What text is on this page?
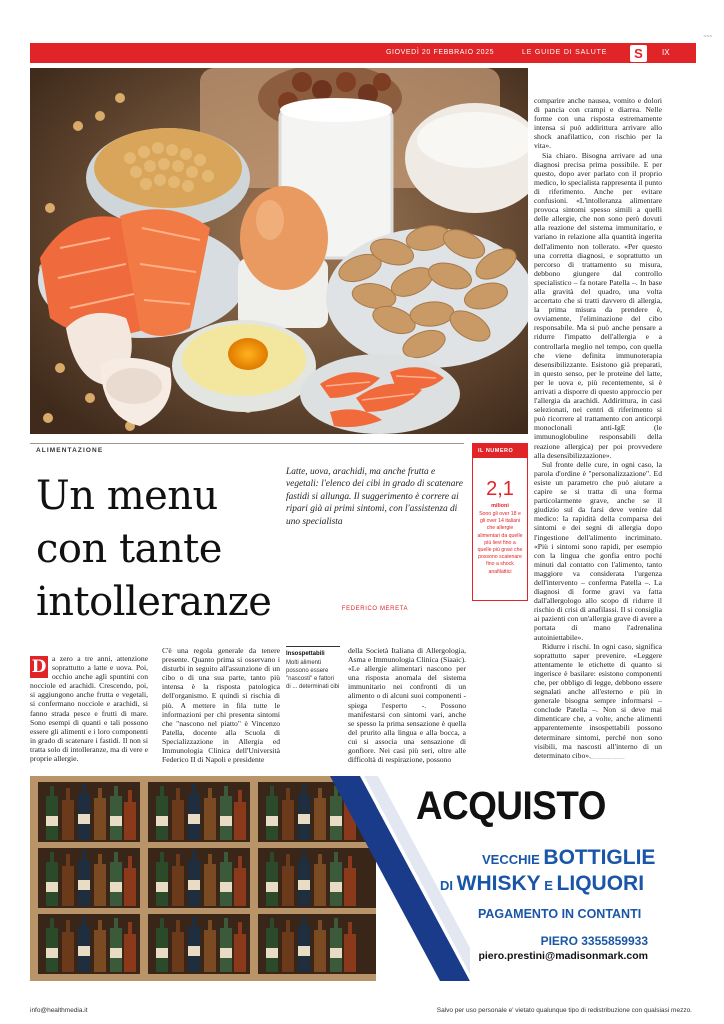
~~~
GIOVEDÌ 20 FEBBRAIO 2025	LE GUIDE DI SALUTE	S	IX
ALIMENTAZIONE
Un menu
con tante
intolleranze
Latte, uova, arachidi, ma anche frutta e vegetali: l'elenco dei cibi in grado di scatenare fastidi si allunga. Il suggerimento è correre ai ripari già ai primi sintomi, con l'assistenza di uno specialista
FEDERICO MERETA
IL NUMERO
2,1
milioni
Sono gli over 18 e gli over 14 italiani che allergie alimentari da quelle più lievi fino a quelle più gravi che possono scatenare fino a shock anafilattici
D a zero a tre anni, attenzione soprattutto a latte e uova. Poi, occhio anche agli spuntini con nocciole ed arachidi. Crescendo, poi, si aggiungono anche frutta e vegetali, si confermano nocciole e arachidi, si fanno strada pesce e frutti di mare. Sono esempi di quanti e tali possono essere gli alimenti e i loro componenti in grado di scatenare i fastidi. Il non si tratta solo di intolleranze, ma di vere e proprie allergie.

C'è una regola generale da tenere presente. Quanto prima si osservano i disturbi in seguito all'assunzione di un cibo o di una sua parte, tanto più intensa è la risposta patologica dell'organismo. E quindi si rischia di più. A mettere in fila tutte le informazioni per chi presenta sintomi che "nascono nel piatto" è Vincenzo Patella, docente alla Scuola di Specializzazione in Allergia ed Immunologia Clinica dell'Università Federico II di Napoli e presidente

Insospettabili
Molti alimenti possono essere "nascosti" e fattori di ... determinati cibi

della Società Italiana di Allergologia, Asma e Immunologia Clinica (Siaaic). «Le allergie alimentari nascono per una risposta anomala del sistema immunitario nei confronti di un alimento o di alcuni suoi componenti - spiega l'esperto -. Possono manifestarsi con sintomi vari, anche se spesso la prima sensazione è quella del prurito alla lingua e alla bocca, a cui si associa una sensazione di gonfiore. Nei casi più seri, oltre alle difficoltà di respirazione, possono

comparire anche nausea, vomito e dolori di pancia con crampi e diarrea. Nelle forme con una risposta estremamente intensa si può addirittura arrivare allo shock anafilattico, con rischio per la vita».

Sia chiaro. Bisogna arrivare ad una diagnosi precisa prima possibile. E per questo, dopo aver parlato con il proprio medico, lo specialista rappresenta il punto di riferimento. Anche per evitare confusioni. «L'intolleranza alimentare provoca sintomi spesso simili a quelli delle allergie, che non sono però dovuti alla reazione del sistema immunitario, e variano in relazione alla quantità ingerita dell'alimento non tollerato. «Per questo una corretta diagnosi, e soprattutto un percorso di trattamento su misura, debbono giungere dal controllo specialistico – fa notare Patella –. In base alla gravità del quadro, una volta accertato che si tratti davvero di allergia, la prima misura da prendere è, ovviamente, l'eliminazione del cibo responsabile. Ma si può anche pensare a ridurre l'impatto dell'allergia e a controllarla meglio nel tempo, con quella che viene definita immunoterapia desensibilizzante. Esistono già preparati, in questo senso, per le proteine del latte, per le uova e, più recentemente, si è arrivati a disporre di questo approccio per l'allergia da arachidi. Addirittura, in casi selezionati, nei centri di riferimento si può ricorrere al trattamento con anticorpi monoclonali anti-IgE (le immunoglobuline responsabili della reazione allergica) per poi provvedere alla desensibilizzazione».

Sul fronte delle cure, in ogni caso, la parola d'ordine è "personalizzazione". Ed esiste un parametro che può aiutare a capire se si tratta di una forma particolarmente grave, anche se il giudizio sul da farsi deve venire dal medico: la rapidità della comparsa dei sintomi e dei segni di allergia dopo l'ingestione dell'alimento incriminato. «Più i sintomi sono rapidi, per esempio con la lingua che gonfia entro pochi minuti dal contatto con l'alimento, tanto maggiore va considerata l'urgenza dell'intervento – conferma Patella –. La diagnosi di forme gravi va fatta dall'allergologo allo scopo di ridurre il rischio di crisi di anafilassi. Il si consiglia ai pazienti con un'allergia grave di avere a portata di mano l'adrenalina autoiniettabile».

Ridurre i rischi. In ogni caso, significa soprattutto saper prevenire. «Leggere attentamente le etichette di quanto si ingerisce è basilare: esistono componenti che, per obbligo di legge, debbono essere segnalati anche all'esterno e più in generale bisogna sempre informarsi – conclude Patella –. Non si deve mai dimenticare che, a volte, anche alimenti apparentemente insospettabili possono determinare sintomi, perché non sono visibili, ma nascosti all'interno di un determinato cibo». ~~~ ~~~~~~~ ~~~~~~
ACQUISTO
VECCHIE BOTTIGLIE
DI WHISKY E LIQUORI
PAGAMENTO IN CONTANTI
PIERO 3355859933
piero.prestini@madisonmark.com
info@healthmedia.it	Salvo per uso personale e' vietato qualunque tipo di redistribuzione con qualsiasi mezzo.
